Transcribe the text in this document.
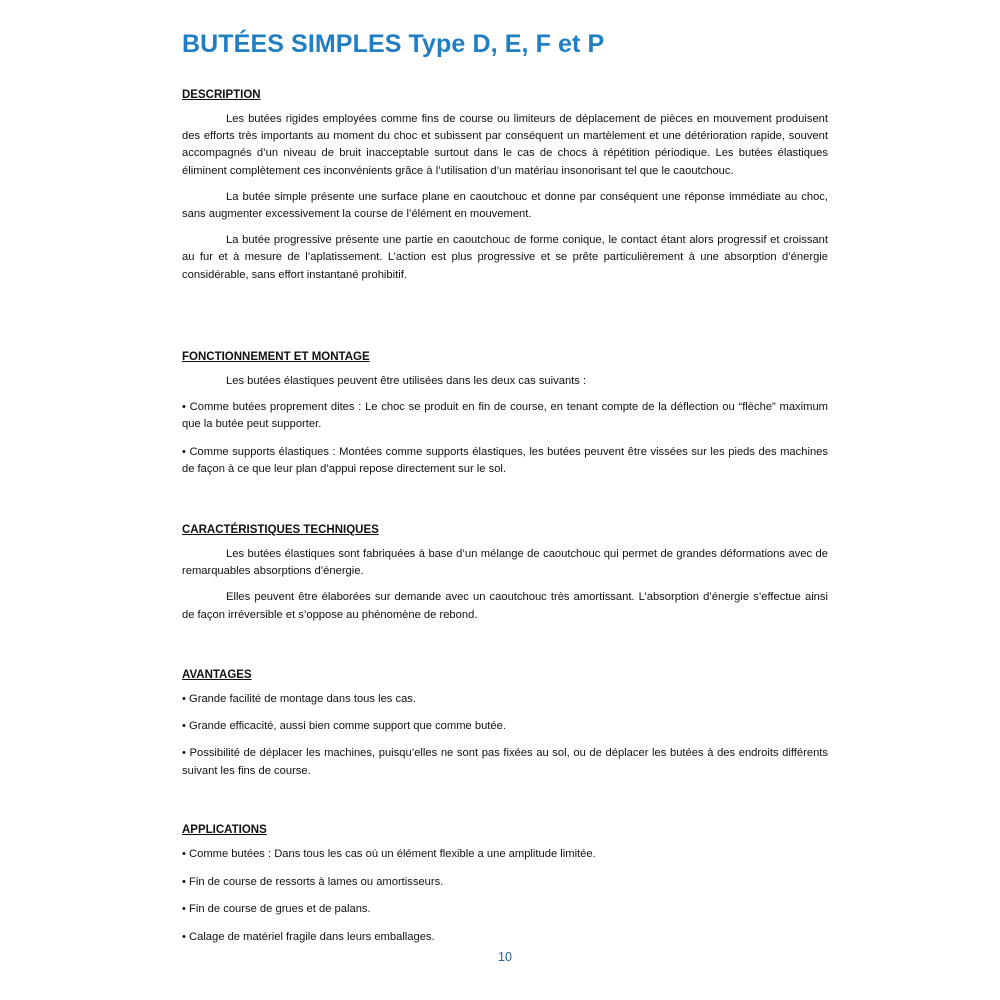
BUTÉES SIMPLES Type D, E, F et P
DESCRIPTION

Les butées rigides employées comme fins de course ou limiteurs de déplacement de pièces en mouvement produisent des efforts très importants au moment du choc et subissent par conséquent un martèlement et une détérioration rapide, souvent accompagnés d’un niveau de bruit inacceptable surtout dans le cas de chocs à répétition périodique. Les butées élastiques éliminent complètement ces inconvénients grâce à l’utilisation d’un matériau insonorisant tel que le caoutchouc.

La butée simple présente une surface plane en caoutchouc et donne par conséquent une réponse immédiate au choc, sans augmenter excessivement la course de l’élément en mouvement.

La butée progressive présente une partie en caoutchouc de forme conique, le contact étant alors progressif et croissant au fur et à mesure de l’aplatissement. L’action est plus progressive et se prête particulièrement à une absorption d’énergie considérable, sans effort instantané prohibitif.

FONCTIONNEMENT ET MONTAGE

Les butées élastiques peuvent être utilisées dans les deux cas suivants :

• Comme butées proprement dites : Le choc se produit en fin de course, en tenant compte de la déflection ou “flèche” maximum que la butée peut supporter.

• Comme supports élastiques : Montées comme supports élastiques, les butées peuvent être vissées sur les pieds des machines de façon à ce que leur plan d’appui repose directement sur le sol.

CARACTÉRISTIQUES TECHNIQUES

Les butées élastiques sont fabriquées à base d’un mélange de caoutchouc qui permet de grandes déformations avec de remarquables absorptions d’énergie.

Elles peuvent être élaborées sur demande avec un caoutchouc très amortissant. L’absorption d’énergie s’effectue ainsi de façon irréversible et s’oppose au phénomène de rebond.

AVANTAGES

• Grande facilité de montage dans tous les cas.

• Grande efficacité, aussi bien comme support que comme butée.

• Possibilité de déplacer les machines, puisqu’elles ne sont pas fixées au sol, ou de déplacer les butées à des endroits différents suivant les fins de course.

APPLICATIONS

• Comme butées : Dans tous les cas où un élément flexible a une amplitude limitée.

• Fin de course de ressorts à lames ou amortisseurs.

• Fin de course de grues et de palans.

• Calage de matériel fragile dans leurs emballages.

10
